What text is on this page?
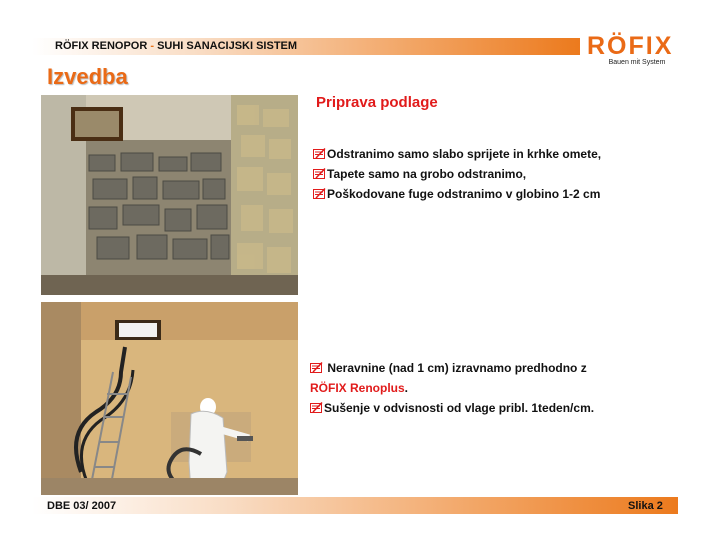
RÖFIX RENOPOR - SUHI SANACIJSKI SISTEM	RÖFIX
Bauen mit System
Izvedba
Priprava podlage
Odstranimo samo slabo sprijete in krhke omete,
Tapete samo na grobo odstranimo,
Poškodovane fuge odstranimo v globino 1-2 cm
Neravnine (nad 1 cm) izravnamo predhodno z
RÖFIX Renoplus.
Sušenje v odvisnosti od vlage pribl. 1teden/cm.
DBE 03/ 2007	Slika 2
